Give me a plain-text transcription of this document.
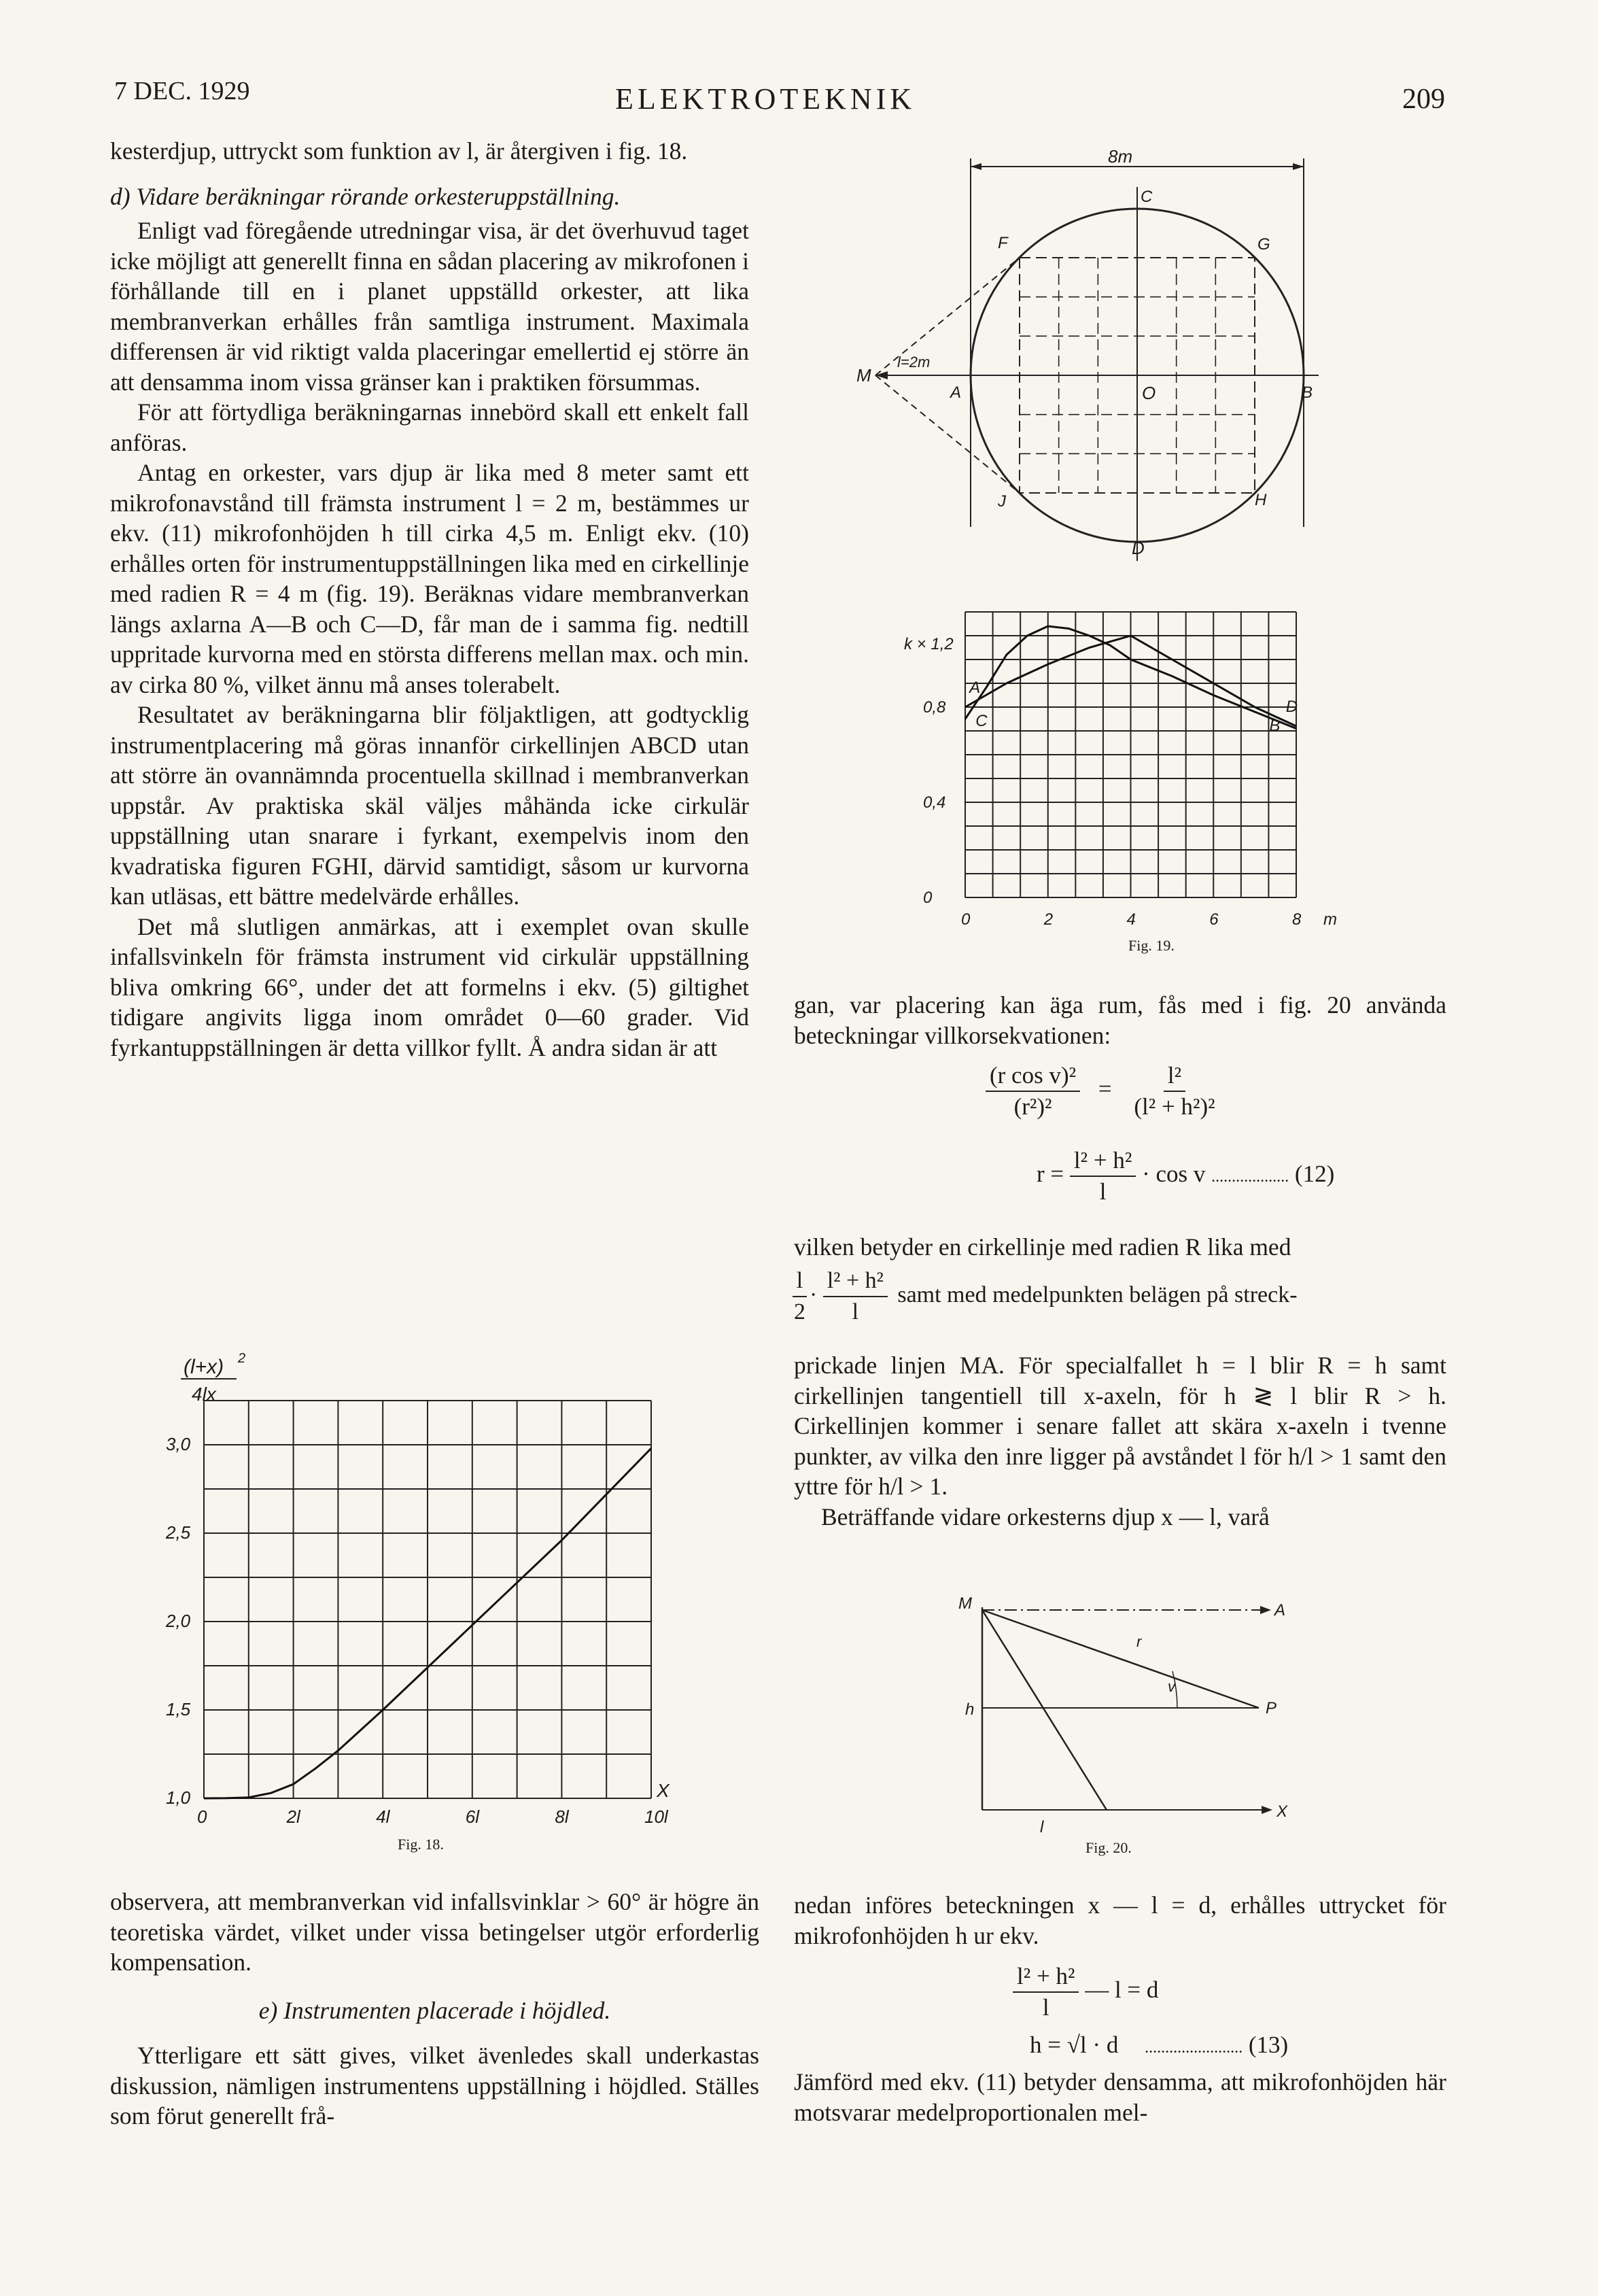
7 DEC. 1929	ELEKTROTEKNIK	209

kesterdjup, uttryckt som funktion av l, är återgiven i fig. 18.

d) Vidare beräkningar rörande orkesteruppställning.

Enligt vad föregående utredningar visa, är det överhuvud taget icke möjligt att generellt finna en sådan placering av mikrofonen i förhållande till en i planet uppställd orkester, att lika membranverkan erhålles från samtliga instrument. Maximala differensen är vid riktigt valda placeringar emellertid ej större än att densamma inom vissa gränser kan i praktiken försummas.

För att förtydliga beräkningarnas innebörd skall ett enkelt fall anföras.

Antag en orkester, vars djup är lika med 8 meter samt ett mikrofonavstånd till främsta instrument l = 2 m, bestämmes ur ekv. (11) mikrofonhöjden h till cirka 4,5 m. Enligt ekv. (10) erhålles orten för instrumentuppställningen lika med en cirkellinje med radien R = 4 m (fig. 19). Beräknas vidare membranverkan längs axlarna A—B och C—D, får man de i samma fig. nedtill uppritade kurvorna med en största differens mellan max. och min. av cirka 80 %, vilket ännu må anses tolerabelt.

Resultatet av beräkningarna blir följaktligen, att godtycklig instrumentplacering må göras innanför cirkellinjen ABCD utan att större än ovannämnda procentuella skillnad i membranverkan uppstår. Av praktiska skäl väljes måhända icke cirkulär uppställning utan snarare i fyrkant, exempelvis inom den kvadratiska figuren FGHI, därvid samtidigt, såsom ur kurvorna kan utläsas, ett bättre medelvärde erhålles.

Det må slutligen anmärkas, att i exemplet ovan skulle infallsvinkeln för främsta instrument vid cirkulär uppställning bliva omkring 66°, under det att formelns i ekv. (5) giltighet tidigare angivits ligga inom området 0—60 grader. Vid fyrkantuppställningen är detta villkor fyllt. Å andra sidan är att

(l+x) 2
4lx
0	2l	4l	6l	8l	10l
1,0
1,5
2,0
2,5
3,0
X
Fig. 18.

observera, att membranverkan vid infallsvinklar > 60° är högre än teoretiska värdet, vilket under vissa betingelser utgör erforderlig kompensation.

e) Instrumenten placerade i höjdled.

Ytterligare ett sätt gives, vilket ävenledes skall underkastas diskussion, nämligen instrumentens uppställning i höjdled. Ställes som förut generellt frå-

8m
l=2m
M
A	O	B
C
D
F	G
H
J
k × 1,2
0	2	4	6	8
0
0,4
0,8
m
A
C	B
D
Fig. 19.
gan, var placering kan äga rum, fås med i fig. 20 använda beteckningar villkorsekvationen:
$\frac{\text{(r cos v)²}}{\text{(r²)²}} = \frac{\text{l²}}{\text{(l² + h²)²}}$
$r = \frac{\text{l² + h²}}{l} \cdot \cos v$ ................... (12)
vilken betyder en cirkellinje med radien R lika med
$\frac{l}{2} \cdot \frac{\text{l² + h²}}{l}$ samt med medelpunkten belägen på streck-

prickade linjen MA. För specialfallet h = l blir R = h samt cirkellinjen tangentiell till x-axeln, för h ≷ l blir R > h. Cirkellinjen kommer i senare fallet att skära x-axeln i tvenne punkter, av vilka den inre ligger på avståndet l för h/l > 1 samt den yttre för h/l > 1.

Beträffande vidare orkesterns djup x — l, varå

A
M
X
h	P
l
r
v
Fig. 20.
nedan införes beteckningen x — l = d, erhålles uttrycket för mikrofonhöjden h ur ekv.
$\frac{\text{l² + h²}}{l}$ — l = d
h = √l · d ........................ (13)
Jämförd med ekv. (11) betyder densamma, att mikrofonhöjden här motsvarar medelproportionalen mel-
